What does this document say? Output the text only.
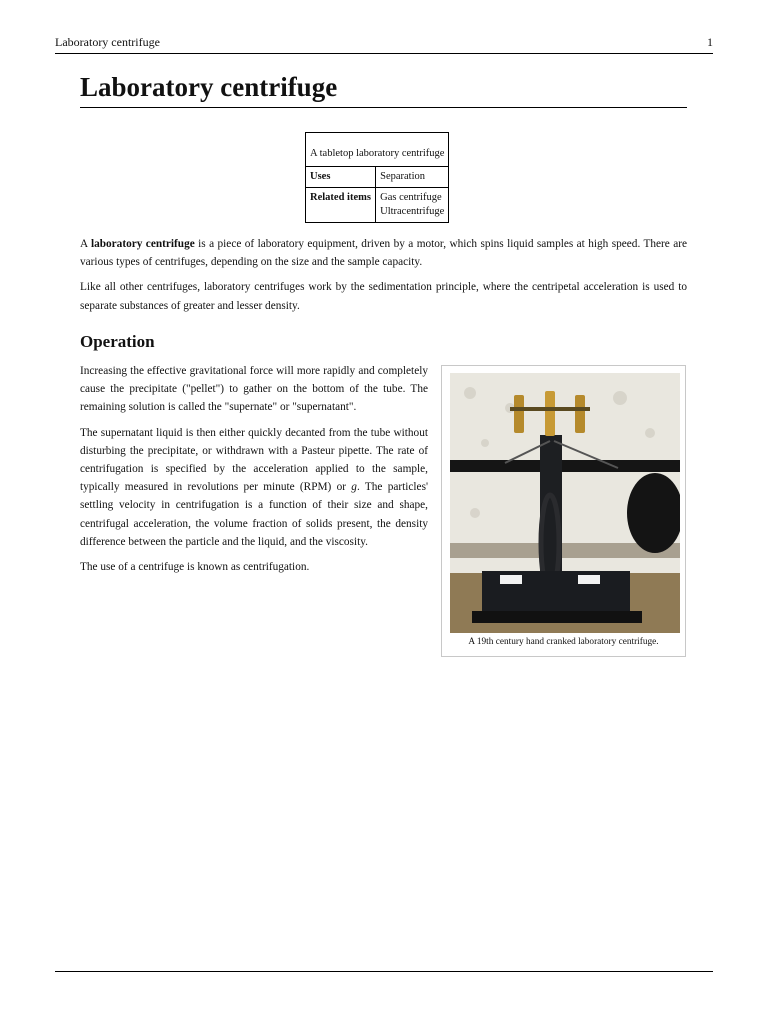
Laboratory centrifuge	1
Laboratory centrifuge
A tabletop laboratory centrifuge	
Uses	Separation
Related items	Gas centrifuge
Ultracentrifuge

A laboratory centrifuge is a piece of laboratory equipment, driven by a motor, which spins liquid samples at high speed. There are various types of centrifuges, depending on the size and the sample capacity.

Like all other centrifuges, laboratory centrifuges work by the sedimentation principle, where the centripetal acceleration is used to separate substances of greater and lesser density.

Operation

Increasing the effective gravitational force will more rapidly and completely cause the precipitate ("pellet") to gather on the bottom of the tube. The remaining solution is called the "supernate" or "supernatant".

The supernatant liquid is then either quickly decanted from the tube without disturbing the precipitate, or withdrawn with a Pasteur pipette. The rate of centrifugation is specified by the acceleration applied to the sample, typically measured in revolutions per minute (RPM) or g. The particles' settling velocity in centrifugation is a function of their size and shape, centrifugal acceleration, the volume fraction of solids present, the density difference between the particle and the liquid, and the viscosity.

The use of a centrifuge is known as centrifugation.

A 19th century hand cranked laboratory centrifuge.
